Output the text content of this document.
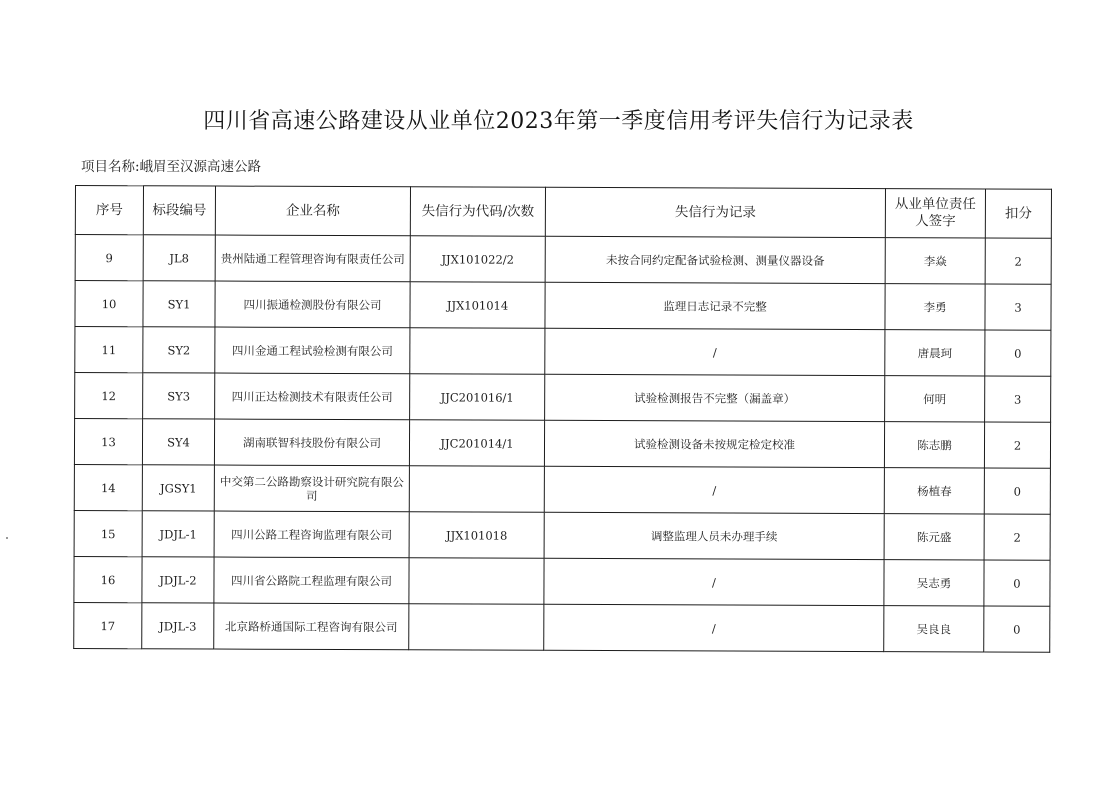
四川省高速公路建设从业单位2023年第一季度信用考评失信行为记录表
项目名称:峨眉至汉源高速公路
序号	标段编号	企业名称	失信行为代码/次数	失信行为记录	从业单位责任人签字	扣分
9	JL8	贵州陆通工程管理咨询有限责任公司	JJX101022/2	未按合同约定配备试验检测、测量仪器设备	李焱	2
10	SY1	四川振通检测股份有限公司	JJX101014	监理日志记录不完整	李勇	3
11	SY2	四川金通工程试验检测有限公司		/	唐晨珂	0
12	SY3	四川正达检测技术有限责任公司	JJC201016/1	试验检测报告不完整（漏盖章）	何明	3
13	SY4	湖南联智科技股份有限公司	JJC201014/1	试验检测设备未按规定检定校准	陈志鹏	2
14	JGSY1	中交第二公路勘察设计研究院有限公司		/	杨植春	0
15	JDJL-1	四川公路工程咨询监理有限公司	JJX101018	调整监理人员未办理手续	陈元盛	2
16	JDJL-2	四川省公路院工程监理有限公司		/	吴志勇	0
17	JDJL-3	北京路桥通国际工程咨询有限公司		/	吴良良	0
